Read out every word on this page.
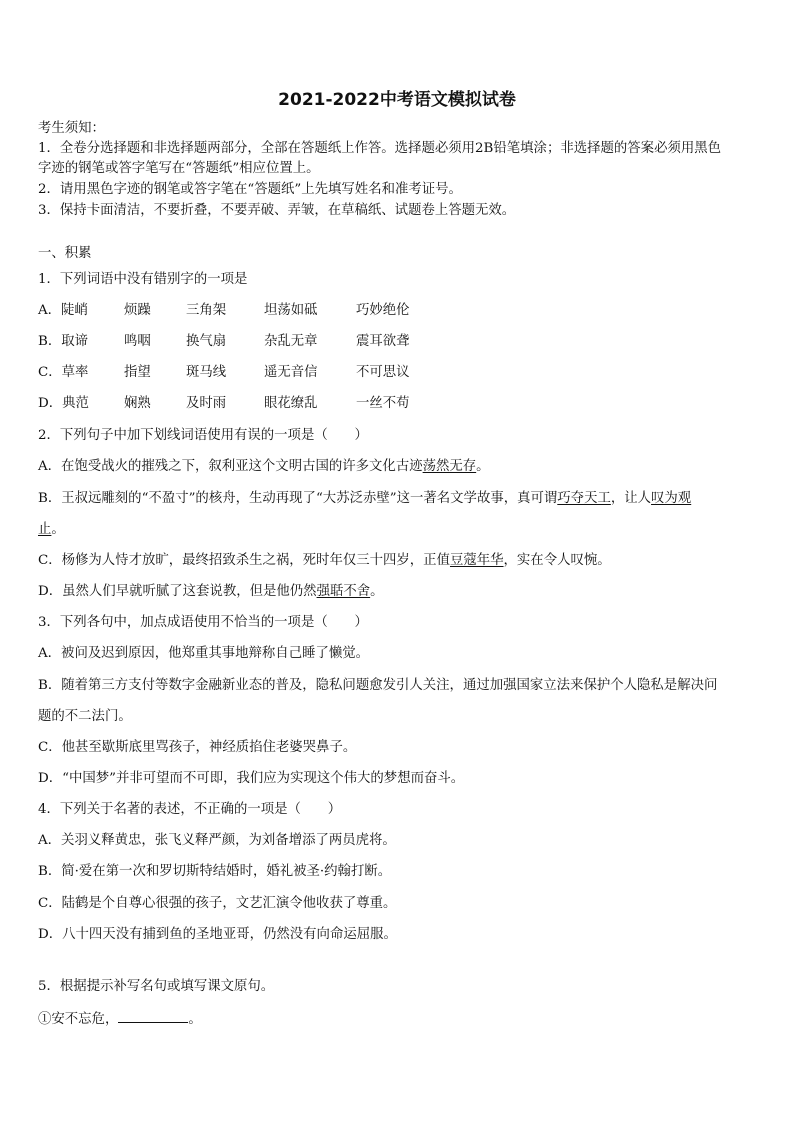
2021-2022中考语文模拟试卷
考生须知：
1．全卷分选择题和非选择题两部分，全部在答题纸上作答。选择题必须用2B铅笔填涂；非选择题的答案必须用黑色
字迹的钢笔或答字笔写在“答题纸”相应位置上。
2．请用黑色字迹的钢笔或答字笔在“答题纸”上先填写姓名和准考证号。
3．保持卡面清洁，不要折叠，不要弄破、弄皱，在草稿纸、试题卷上答题无效。
一、积累
1．下列词语中没有错别字的一项是
A．陡峭	烦躁	三角架	坦荡如砥	巧妙绝伦
B．取谛	鸣咽	换气扇	杂乱无章	震耳欲聋
C．草率	指望	斑马线	遥无音信	不可思议
D．典范	娴熟	及时雨	眼花缭乱	一丝不苟
2．下列句子中加下划线词语使用有误的一项是（　　）
A．在饱受战火的摧残之下，叙利亚这个文明古国的许多文化古迹荡然无存。
B．王叔远雕刻的“不盈寸”的核舟，生动再现了“大苏泛赤壁”这一著名文学故事，真可谓巧夺天工，让人叹为观
止。
C．杨修为人恃才放旷，最终招致杀生之祸，死时年仅三十四岁，正值豆蔻年华，实在令人叹惋。
D．虽然人们早就听腻了这套说教，但是他仍然强聒不舍。
3．下列各句中，加点成语使用不恰当的一项是（　　）
A．被问及迟到原因，他郑重其事地辩称自己睡了懒觉。
B．随着第三方支付等数字金融新业态的普及，隐私问题愈发引人关注，通过加强国家立法来保护个人隐私是解决问
题的不二法门。
C．他甚至歇斯底里骂孩子，神经质掐住老婆哭鼻子。
D．“中国梦”并非可望而不可即，我们应为实现这个伟大的梦想而奋斗。
4．下列关于名著的表述，不正确的一项是（　　）
A．关羽义释黄忠，张飞义释严颜，为刘备增添了两员虎将。
B．简·爱在第一次和罗切斯特结婚时，婚礼被圣·约翰打断。
C．陆鹤是个自尊心很强的孩子，文艺汇演令他收获了尊重。
D．八十四天没有捕到鱼的圣地亚哥，仍然没有向命运屈服。
5．根据提示补写名句或填写课文原句。
①安不忘危，	。
